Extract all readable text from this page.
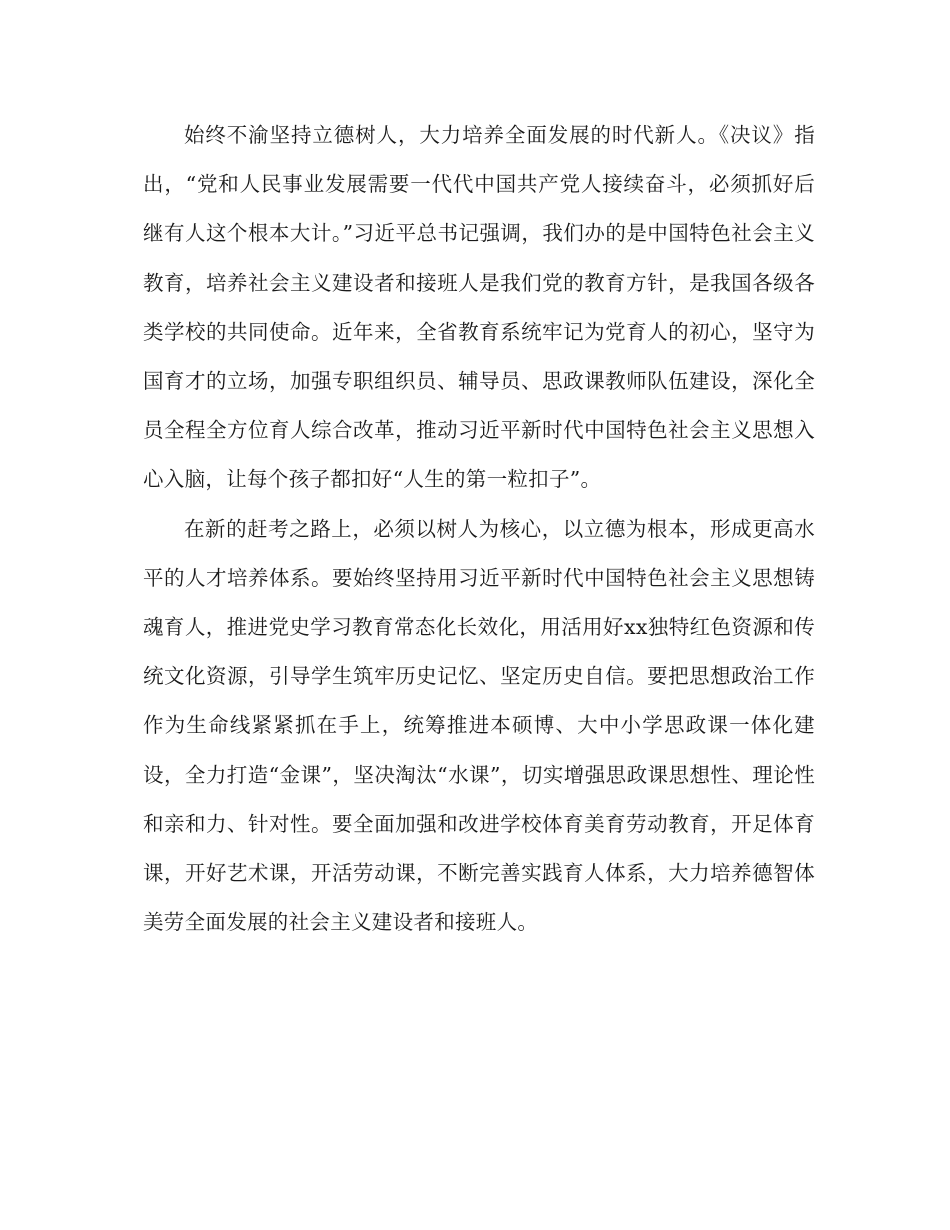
始终不渝坚持立德树人，大力培养全面发展的时代新人。《决议》指出，“党和人民事业发展需要一代代中国共产党人接续奋斗，必须抓好后继有人这个根本大计。”习近平总书记强调，我们办的是中国特色社会主义教育，培养社会主义建设者和接班人是我们党的教育方针，是我国各级各类学校的共同使命。近年来，全省教育系统牢记为党育人的初心，坚守为国育才的立场，加强专职组织员、辅导员、思政课教师队伍建设，深化全员全程全方位育人综合改革，推动习近平新时代中国特色社会主义思想入心入脑，让每个孩子都扣好“人生的第一粒扣子”。

在新的赶考之路上，必须以树人为核心，以立德为根本，形成更高水平的人才培养体系。要始终坚持用习近平新时代中国特色社会主义思想铸魂育人，推进党史学习教育常态化长效化，用活用好xx独特红色资源和传统文化资源，引导学生筑牢历史记忆、坚定历史自信。要把思想政治工作作为生命线紧紧抓在手上，统筹推进本硕博、大中小学思政课一体化建设，全力打造“金课”，坚决淘汰“水课”，切实增强思政课思想性、理论性和亲和力、针对性。要全面加强和改进学校体育美育劳动教育，开足体育课，开好艺术课，开活劳动课，不断完善实践育人体系，大力培养德智体美劳全面发展的社会主义建设者和接班人。
